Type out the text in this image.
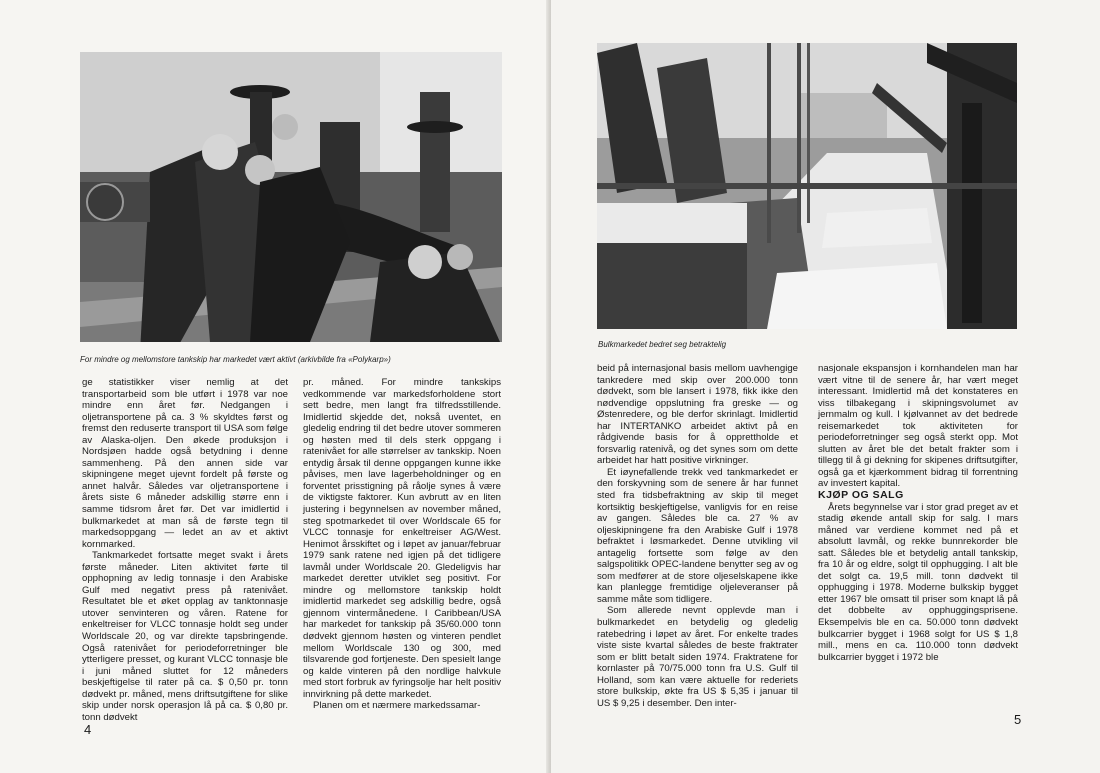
For mindre og mellomstore tankskip har markedet vært aktivt (arkivbilde fra «Polykarp»)

ge statistikker viser nemlig at det transportarbeid som ble utført i 1978 var noe mindre enn året før. Nedgangen i oljetransportene på ca. 3 % skyldtes først og fremst den reduserte transport til USA som følge av Alaska-oljen. Den økede produksjon i Nordsjøen hadde også betydning i denne sammenheng. På den annen side var skipningene meget ujevnt fordelt på første og annet halvår. Således var oljetransportene i årets siste 6 måneder adskillig større enn i samme tidsrom året før. Det var imidlertid i bulkmarkedet at man så de første tegn til markedsoppgang — ledet an av et aktivt kornmarked.

Tankmarkedet fortsatte meget svakt i årets første måneder. Liten aktivitet førte til opphopning av ledig tonnasje i den Arabiske Gulf med negativt press på ratenivået. Resultatet ble et øket opplag av tanktonnasje utover senvinteren og våren. Ratene for enkeltreiser for VLCC tonnasje holdt seg under Worldscale 20, og var direkte tapsbringende. Også ratenivået for periodeforretninger ble ytterligere presset, og kurant VLCC tonnasje ble i juni måned sluttet for 12 måneders beskjeftigelse til rater på ca. $ 0,50 pr. tonn dødvekt pr. måned, mens driftsutgiftene for slike skip under norsk operasjon lå på ca. $ 0,80 pr. tonn dødvekt

pr. måned. For mindre tankskips vedkommende var markedsforholdene stort sett bedre, men langt fra tilfredsstillende. Imidlertid skjedde det, nokså uventet, en gledelig endring til det bedre utover sommeren og høsten med til dels sterk oppgang i ratenivået for alle størrelser av tankskip. Noen entydig årsak til denne oppgangen kunne ikke påvises, men lave lagerbeholdninger og en forventet prisstigning på råolje synes å være de viktigste faktorer. Kun avbrutt av en liten justering i begynnelsen av november måned, steg spotmarkedet til over Worldscale 65 for VLCC tonnasje for enkeltreiser AG/West. Henimot årsskiftet og i løpet av januar/februar 1979 sank ratene ned igjen på det tidligere lavmål under Worldscale 20. Gledeligvis har markedet deretter utviklet seg positivt. For mindre og mellomstore tankskip holdt imidlertid markedet seg adskillig bedre, også gjennom vintermånedene. I Caribbean/USA har markedet for tankskip på 35/60.000 tonn dødvekt gjennom høsten og vinteren pendlet mellom Worldscale 130 og 300, med tilsvarende god fortjeneste. Den spesielt lange og kalde vinteren på den nordlige halvkule med stort forbruk av fyringsolje har helt positiv innvirkning på dette markedet.

Planen om et nærmere markedssamar-

4
Bulkmarkedet bedret seg betraktelig

beid på internasjonal basis mellom uavhengige tankredere med skip over 200.000 tonn dødvekt, som ble lansert i 1978, fikk ikke den nødvendige oppslutning fra greske — og Østenredere, og ble derfor skrinlagt. Imidlertid har INTERTANKO arbeidet aktivt på en rådgivende basis for å opprettholde et forsvarlig ratenivå, og det synes som om dette arbeidet har hatt positive virkninger.

Et iøynefallende trekk ved tankmarkedet er den forskyvning som de senere år har funnet sted fra tidsbefraktning av skip til meget kortsiktig beskjeftigelse, vanligvis for en reise av gangen. Således ble ca. 27 % av oljeskipningene fra den Arabiske Gulf i 1978 befraktet i løsmarkedet. Denne utvikling vil antagelig fortsette som følge av den salgspolitikk OPEC-landene benytter seg av og som medfører at de store oljeselskapene ikke kan planlegge fremtidige oljeleveranser på samme måte som tidligere.

Som allerede nevnt opplevde man i bulkmarkedet en betydelig og gledelig ratebedring i løpet av året. For enkelte trades viste siste kvartal således de beste fraktrater som er blitt betalt siden 1974. Fraktratene for kornlaster på 70/75.000 tonn fra U.S. Gulf til Holland, som kan være aktuelle for rederiets store bulkskip, økte fra US $ 5,35 i januar til US $ 9,25 i desember. Den inter-

nasjonale ekspansjon i kornhandelen man har vært vitne til de senere år, har vært meget interessant. Imidlertid må det konstateres en viss tilbakegang i skipningsvolumet av jernmalm og kull. I kjølvannet av det bedrede reisemarkedet tok aktiviteten for periodeforretninger seg også sterkt opp. Mot slutten av året ble det betalt frakter som i tillegg til å gi dekning for skipenes driftsutgifter, også ga et kjærkomment bidrag til forrentning av investert kapital.

KJØP OG SALG

Årets begynnelse var i stor grad preget av et stadig økende antall skip for salg. I mars måned var verdiene kommet ned på et absolutt lavmål, og rekke bunnrekorder ble satt. Således ble et betydelig antall tankskip, fra 10 år og eldre, solgt til opphugging. I alt ble det solgt ca. 19,5 mill. tonn dødvekt til opphugging i 1978. Moderne bulkskip bygget etter 1967 ble omsatt til priser som knapt lå på det dobbelte av opphuggingsprisene. Eksempelvis ble en ca. 50.000 tonn dødvekt bulkcarrier bygget i 1968 solgt for US $ 1,8 mill., mens en ca. 110.000 tonn dødvekt bulkcarrier bygget i 1972 ble

5
